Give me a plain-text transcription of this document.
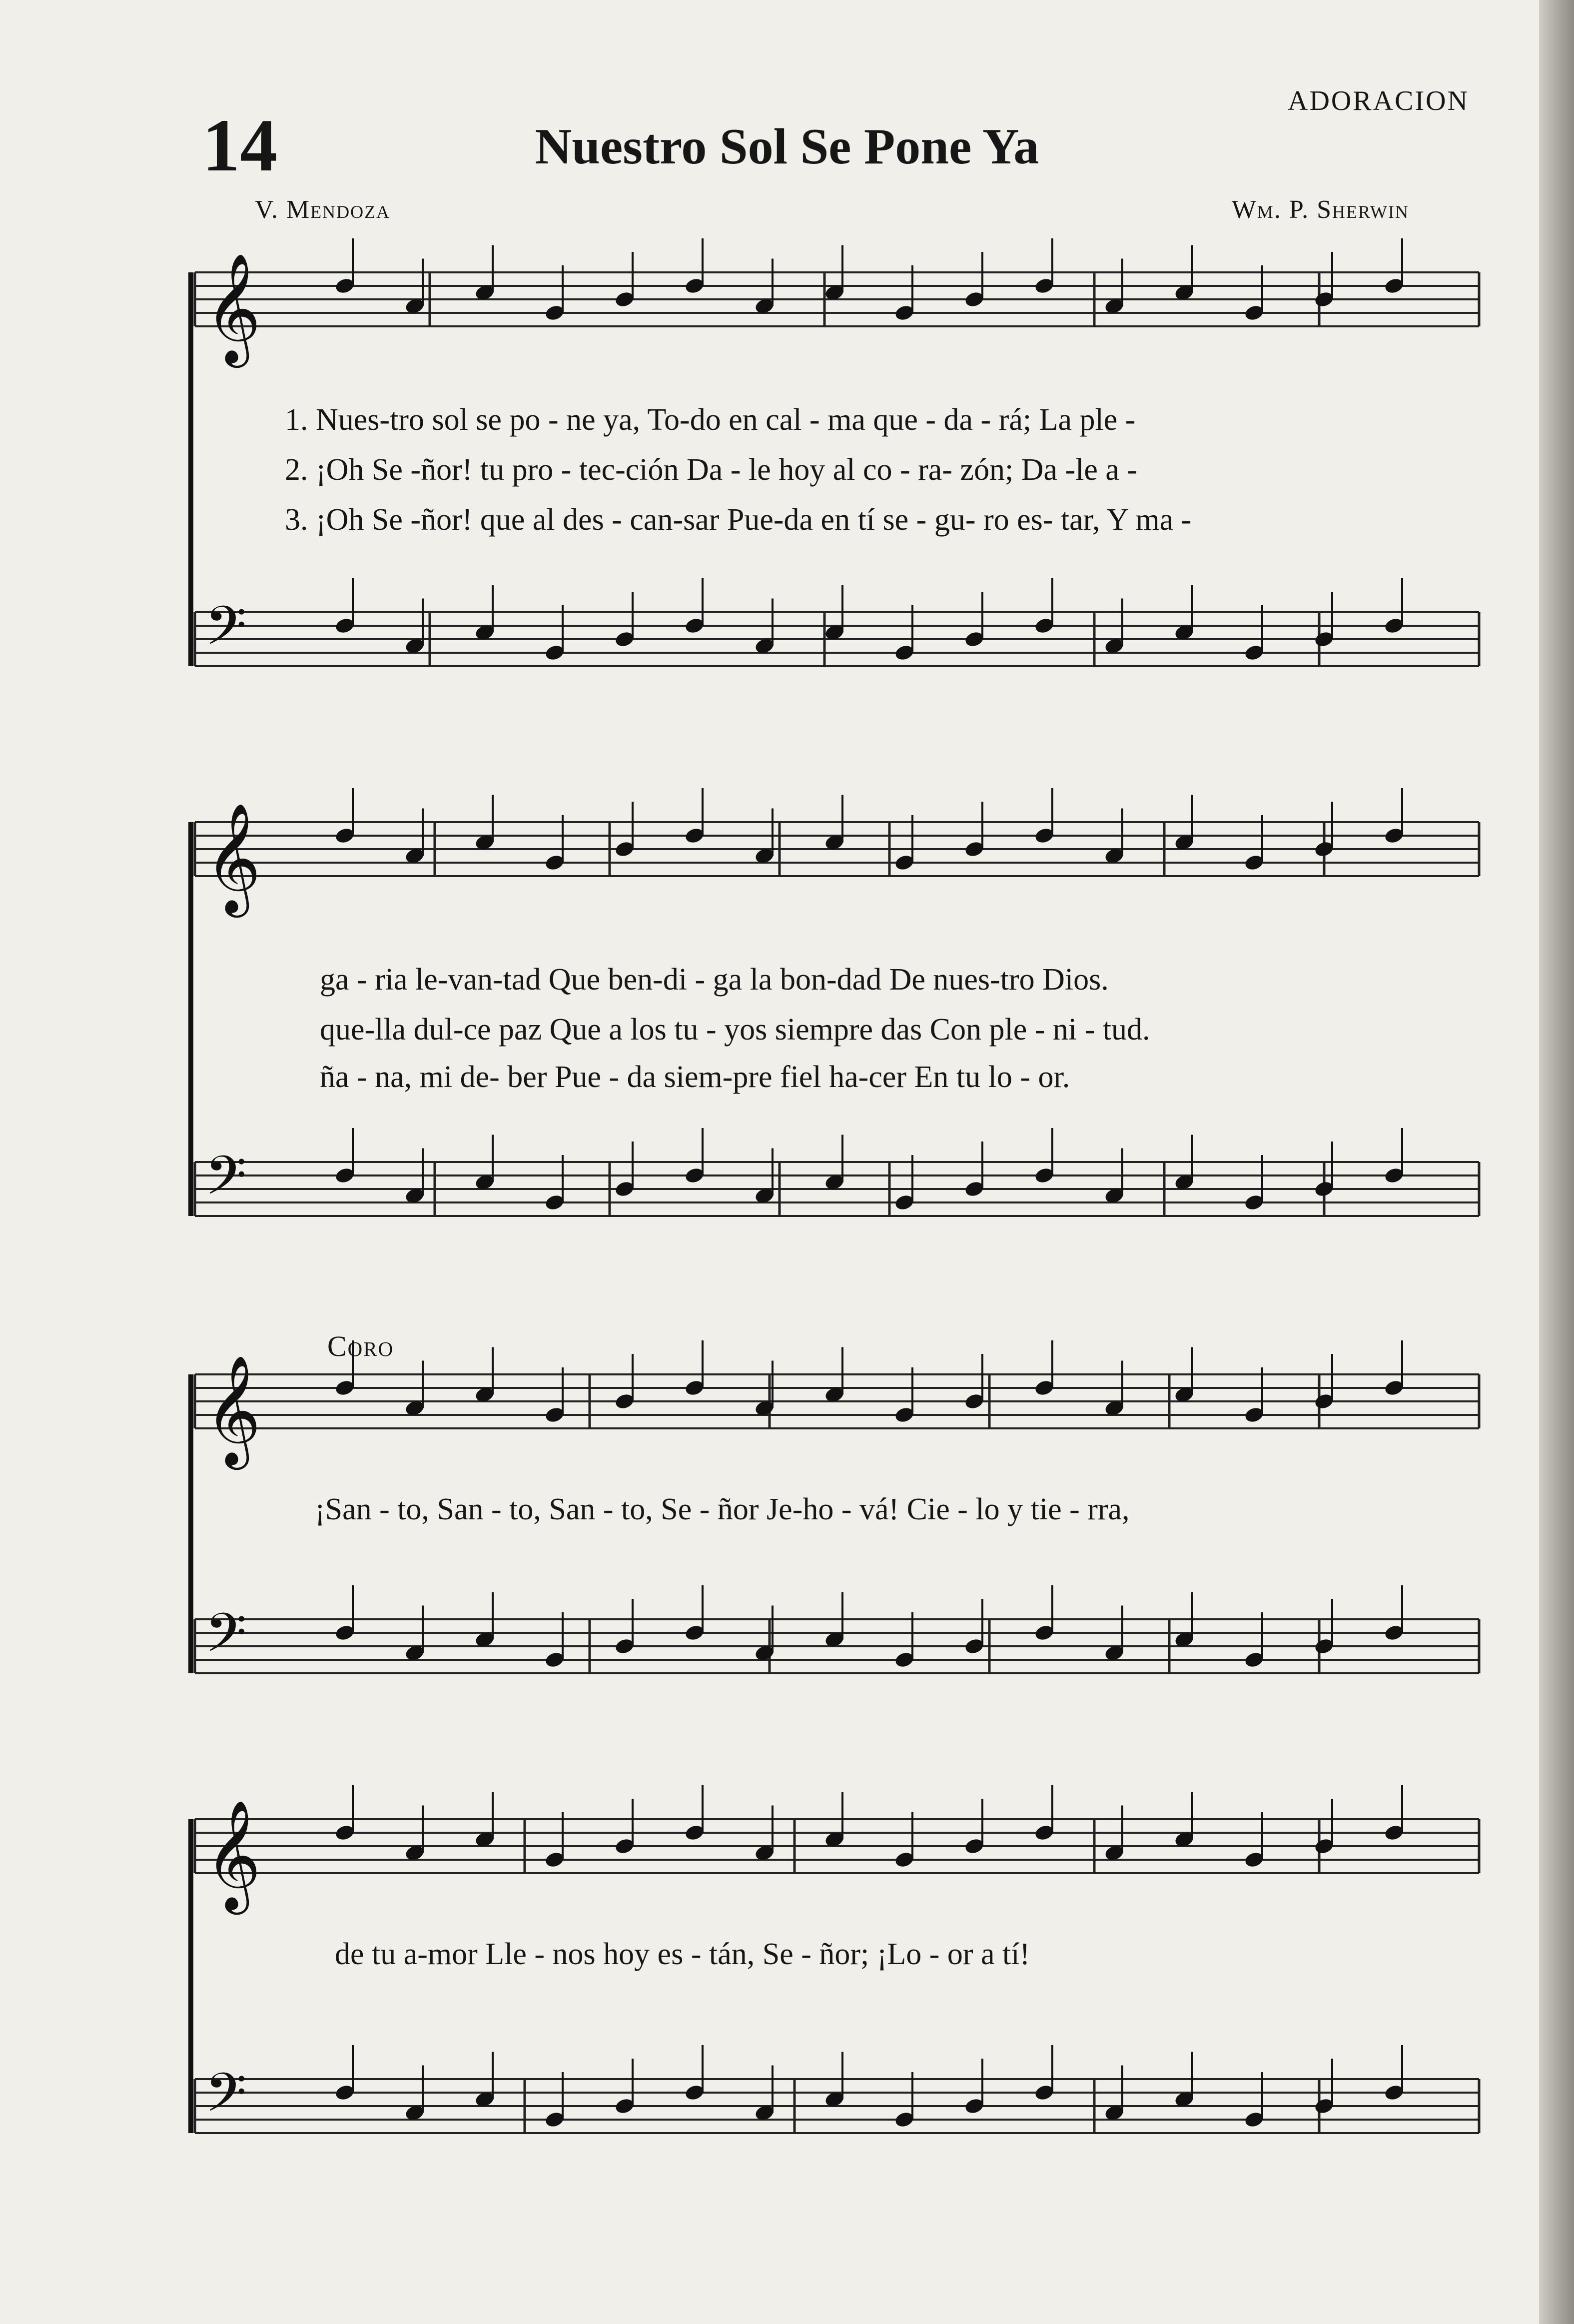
14	Nuestro Sol Se Pone Ya
ADORACION
V. Mendoza	Wm. P. Sherwin
Coro
1. Nues-tro sol se po - ne ya, To-do en cal - ma que - da - rá; La ple -
2. ¡Oh Se -ñor! tu pro - tec-ción Da - le hoy al co - ra- zón; Da -le a -
3. ¡Oh Se -ñor! que al des - can-sar Pue-da en tí se - gu- ro es- tar, Y ma -
ga - ria le-van-tad Que ben-di - ga la bon-dad De nues-tro Dios.
que-lla dul-ce paz Que a los tu - yos siempre das Con ple - ni - tud.
ña - na, mi de- ber Pue - da siem-pre fiel ha-cer En tu lo - or.
¡San - to, San - to, San - to, Se - ñor Je-ho - vá! Cie - lo y tie - rra,
de tu a-mor Lle - nos hoy es - tán, Se - ñor; ¡Lo - or a tí!
𝄞
𝄢
𝄞
𝄢
𝄞
𝄢
𝄞
𝄢
